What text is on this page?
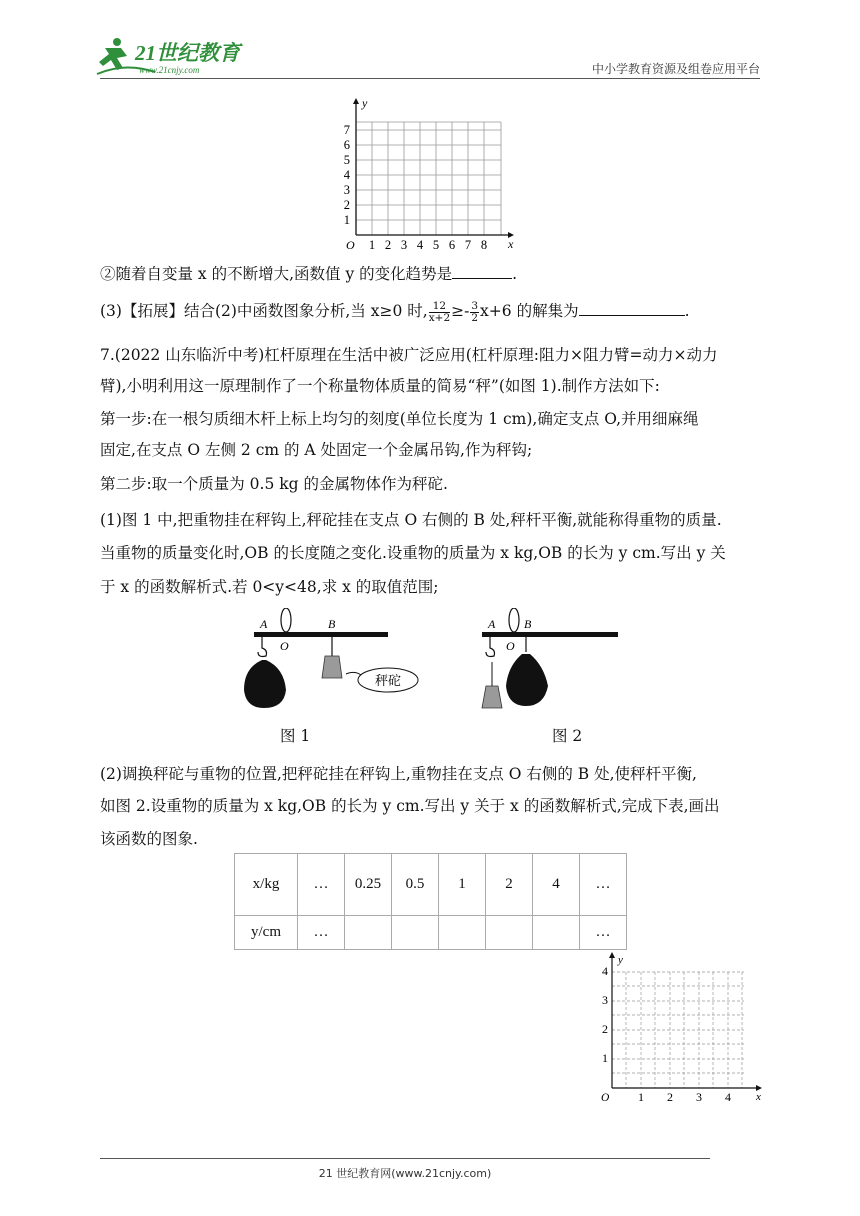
21世纪教育
www.21cnjy.com	中小学教育资源及组卷应用平台
y
x
O
1
2
3
4
5
6
7
1 2 3 4 5 6 7 8
②随着自变量 x 的不断增大,函数值 y 的变化趋势是	.
(3)【拓展】结合(2)中函数图象分析,当 x≥0 时, $\frac{12}{x+2} \ge- \frac{3}{2} x+6$ 的解集为	.
7.(2022 山东临沂中考)杠杆原理在生活中被广泛应用(杠杆原理:阻力×阻力臂=动力×动力
臂),小明利用这一原理制作了一个称量物体质量的简易“秤”(如图 1).制作方法如下:
第一步:在一根匀质细木杆上标上均匀的刻度(单位长度为 1 cm),确定支点 O,并用细麻绳
固定,在支点 O 左侧 2 cm 的 A 处固定一个金属吊钩,作为秤钩;
第二步:取一个质量为 0.5 kg 的金属物体作为秤砣.
(1)图 1 中,把重物挂在秤钩上,秤砣挂在支点 O 右侧的 B 处,秤杆平衡,就能称得重物的质量.
当重物的质量变化时,OB 的长度随之变化.设重物的质量为 x kg,OB 的长为 y cm.写出 y 关
于 x 的函数解析式.若 0<y<48,求 x 的取值范围;
A
O
B
秤砣
图 1
A
O
B
图 2
(2)调换秤砣与重物的位置,把秤砣挂在秤钩上,重物挂在支点 O 右侧的 B 处,使秤杆平衡,
如图 2.设重物的质量为 x kg,OB 的长为 y cm.写出 y 关于 x 的函数解析式,完成下表,画出
该函数的图象.
x/kg	…	0.25	0.5	1	2	4	…
y/cm	…						…
y
x
O
1
2
3
4
1 2 3 4
21 世纪教育网(www.21cnjy.com)
